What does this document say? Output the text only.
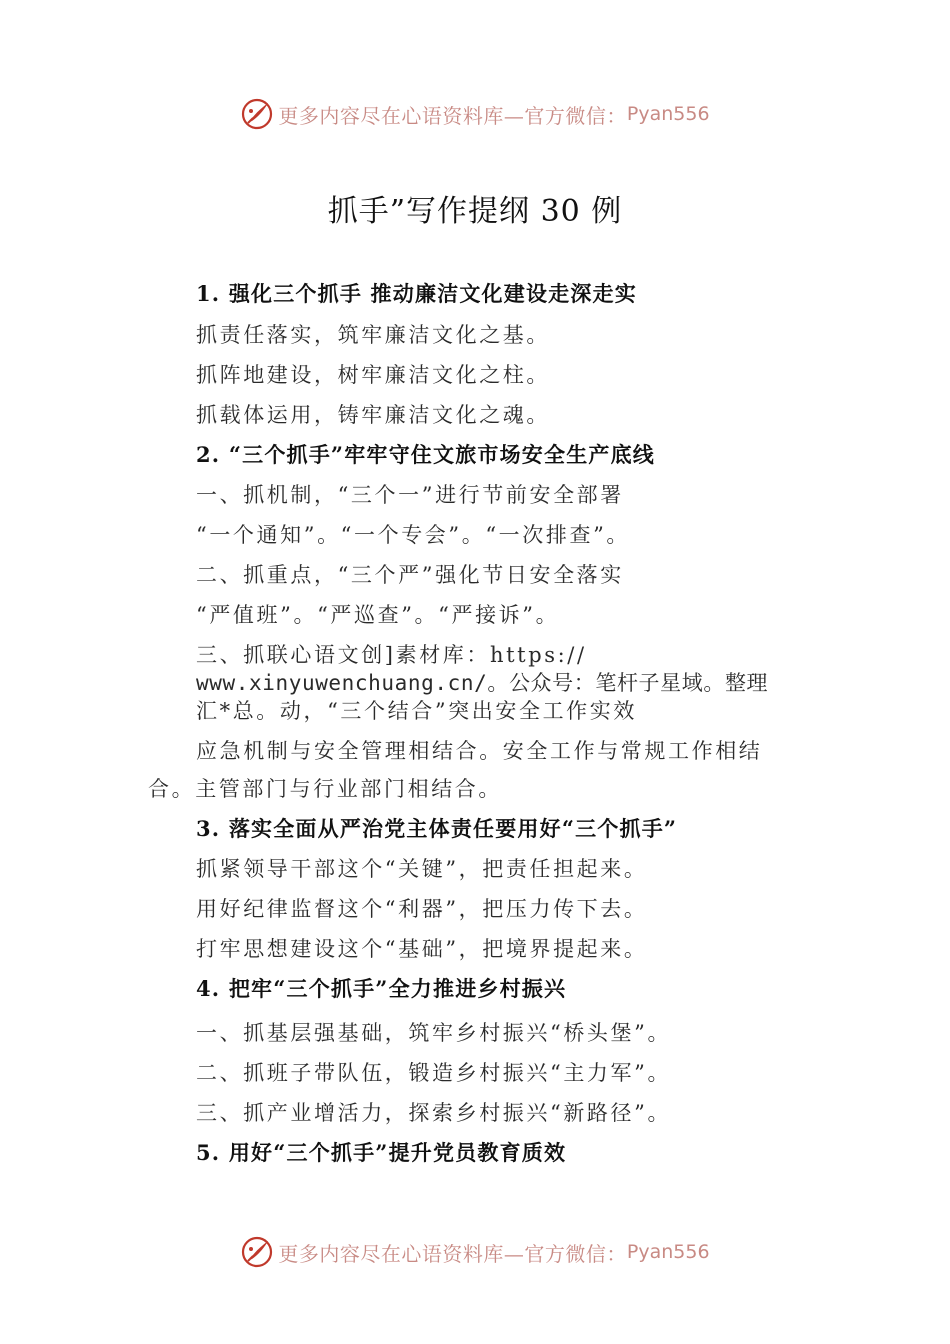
更多内容尽在心语资料库—官方微信： Pyan556
抓手”写作提纲 30 例
1. 强化三个抓手 推动廉洁文化建设走深走实
抓责任落实，筑牢廉洁文化之基。
抓阵地建设，树牢廉洁文化之柱。
抓载体运用，铸牢廉洁文化之魂。
2. “三个抓手”牢牢守住文旅市场安全生产底线
一、抓机制，“三个一”进行节前安全部署
“一个通知”。“一个专会”。“一次排查”。
二、抓重点，“三个严”强化节日安全落实
“严值班”。“严巡查”。“严接诉”。
三、抓联心语文创]素材库：https://
www.xinyuwenchuang.cn/。公众号：笔杆子星域。整理
汇*总。动，“三个结合”突出安全工作实效
应急机制与安全管理相结合。安全工作与常规工作相结
合。主管部门与行业部门相结合。
3. 落实全面从严治党主体责任要用好“三个抓手”
抓紧领导干部这个“关键”，把责任担起来。
用好纪律监督这个“利器”，把压力传下去。
打牢思想建设这个“基础”，把境界提起来。
4. 把牢“三个抓手”全力推进乡村振兴
一、抓基层强基础，筑牢乡村振兴“桥头堡”。
二、抓班子带队伍，锻造乡村振兴“主力军”。
三、抓产业增活力，探索乡村振兴“新路径”。
5. 用好“三个抓手”提升党员教育质效
更多内容尽在心语资料库—官方微信： Pyan556
